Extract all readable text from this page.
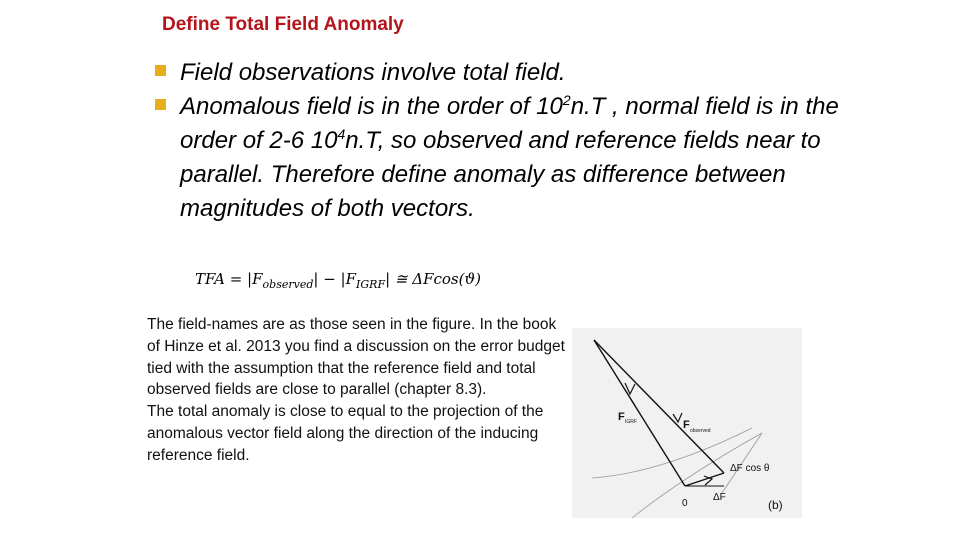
Define Total Field Anomaly
Field observations involve total field.
Anomalous field is in the order of $10^2n.T$ , normal field is in the order of 2-6 $10^4n.T$, so observed and reference fields near to parallel. Therefore define anomaly as difference between magnitudes of both vectors.
TFA = $|F_{observed}| - |F_{IGRF}|$ ≅ ΔFcos(ϑ)

The field-names are as those seen in the figure. In the book of Hinze et al. 2013 you find a discussion on the error budget tied with the assumption that the reference field and total observed fields are close to parallel (chapter 8.3).

The total anomaly is close to equal to the projection of the anomalous vector field along the direction of the inducing reference field.

F IGRF	F observed
ΔF cos θ
ΔF
0	(b)
